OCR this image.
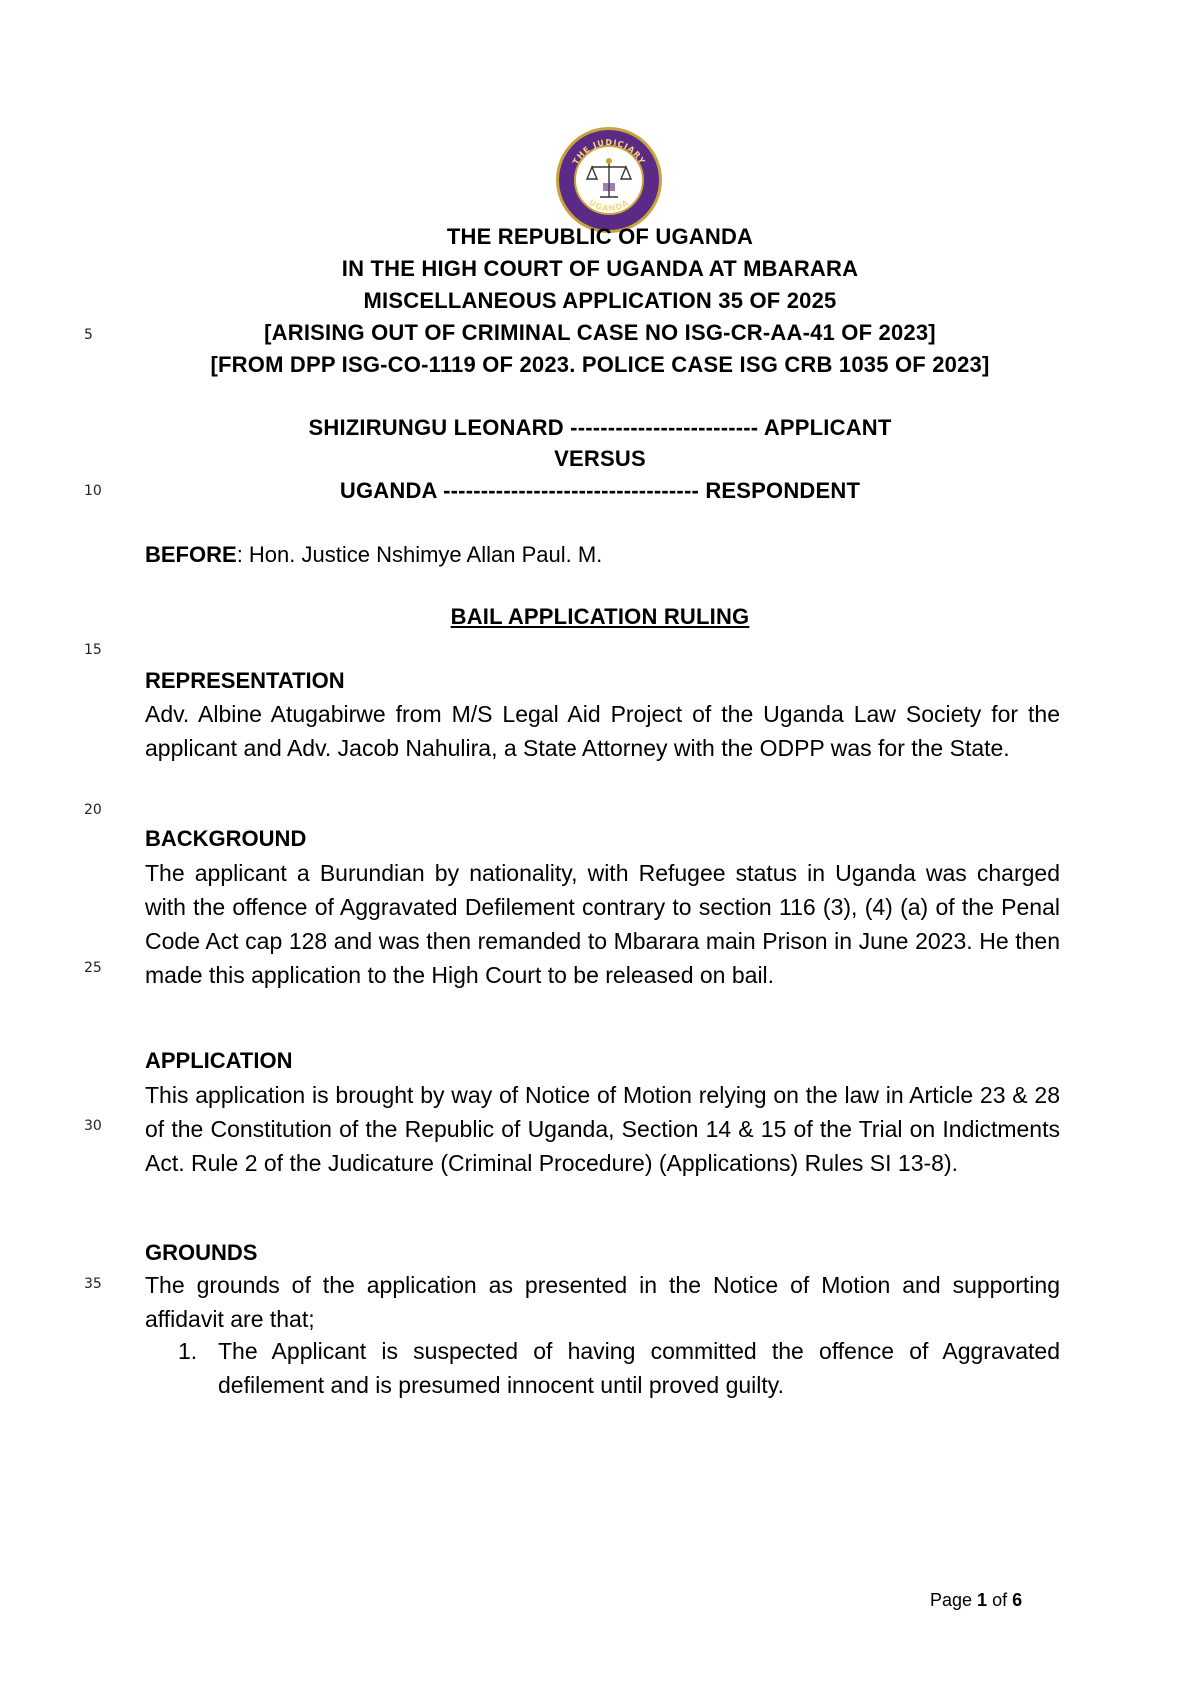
THE JUDICIARY
UGANDA
THE REPUBLIC OF UGANDA
IN THE HIGH COURT OF UGANDA AT MBARARA
MISCELLANEOUS APPLICATION 35 OF 2025
[ARISING OUT OF CRIMINAL CASE NO ISG-CR-AA-41 OF 2023]
[FROM DPP ISG-CO-1119 OF 2023. POLICE CASE ISG CRB 1035 OF 2023]
SHIZIRUNGU LEONARD ------------------------- APPLICANT
VERSUS
UGANDA ---------------------------------- RESPONDENT
BEFORE: Hon. Justice Nshimye Allan Paul. M.
BAIL APPLICATION RULING
5
10
15
20
25
30
35
REPRESENTATION
Adv. Albine Atugabirwe from M/S Legal Aid Project of the Uganda Law Society for the applicant and Adv. Jacob Nahulira, a State Attorney with the ODPP was for the State.
BACKGROUND
The applicant a Burundian by nationality, with Refugee status in Uganda was charged with the offence of Aggravated Defilement contrary to section 116 (3), (4) (a) of the Penal Code Act cap 128 and was then remanded to Mbarara main Prison in June 2023. He then made this application to the High Court to be released on bail.
APPLICATION
This application is brought by way of Notice of Motion relying on the law in Article 23 & 28 of the Constitution of the Republic of Uganda, Section 14 & 15 of the Trial on Indictments Act. Rule 2 of the Judicature (Criminal Procedure) (Applications) Rules SI 13-8).
GROUNDS
The grounds of the application as presented in the Notice of Motion and supporting affidavit are that;
1. The Applicant is suspected of having committed the offence of Aggravated defilement and is presumed innocent until proved guilty.
Page 1 of 6
